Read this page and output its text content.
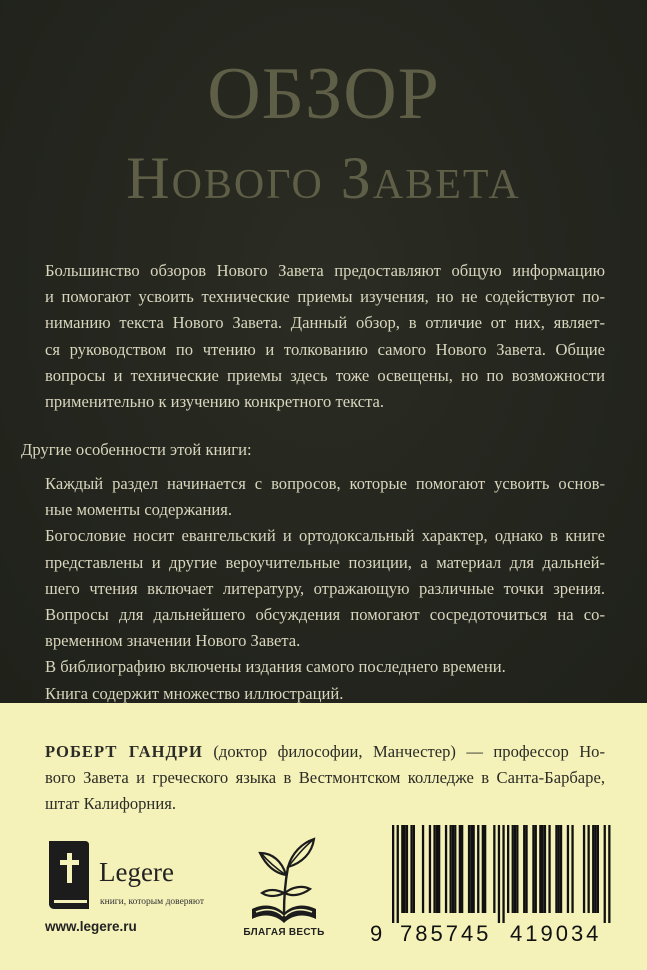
ОБЗОР
Нового Завета
Большинство обзоров Нового Завета предоставляют общую информацию
и помогают усвоить технические приемы изучения, но не содействуют по-
ниманию текста Нового Завета. Данный обзор, в отличие от них, являет-
ся руководством по чтению и толкованию самого Нового Завета. Общие
вопросы и технические приемы здесь тоже освещены, но по возможности
применительно к изучению конкретного текста.
Другие особенности этой книги:
Каждый раздел начинается с вопросов, которые помогают усвоить основ-
ные моменты содержания.
Богословие носит евангельский и ортодоксальный характер, однако в книге
представлены и другие вероучительные позиции, а материал для дальней-
шего чтения включает литературу, отражающую различные точки зрения.
Вопросы для дальнейшего обсуждения помогают сосредоточиться на со-
временном значении Нового Завета.
В библиографию включены издания самого последнего времени.
Книга содержит множество иллюстраций.
РОБЕРТ ГАНДРИ (доктор философии, Манчестер) — профессор Но-
вого Завета и греческого языка в Вестмонтском колледже в Санта-Барбаре,
штат Калифорния.
Legere
книги, которым доверяют
www.legere.ru	БЛАГАЯ ВЕСТЬ	9 785745 419034
